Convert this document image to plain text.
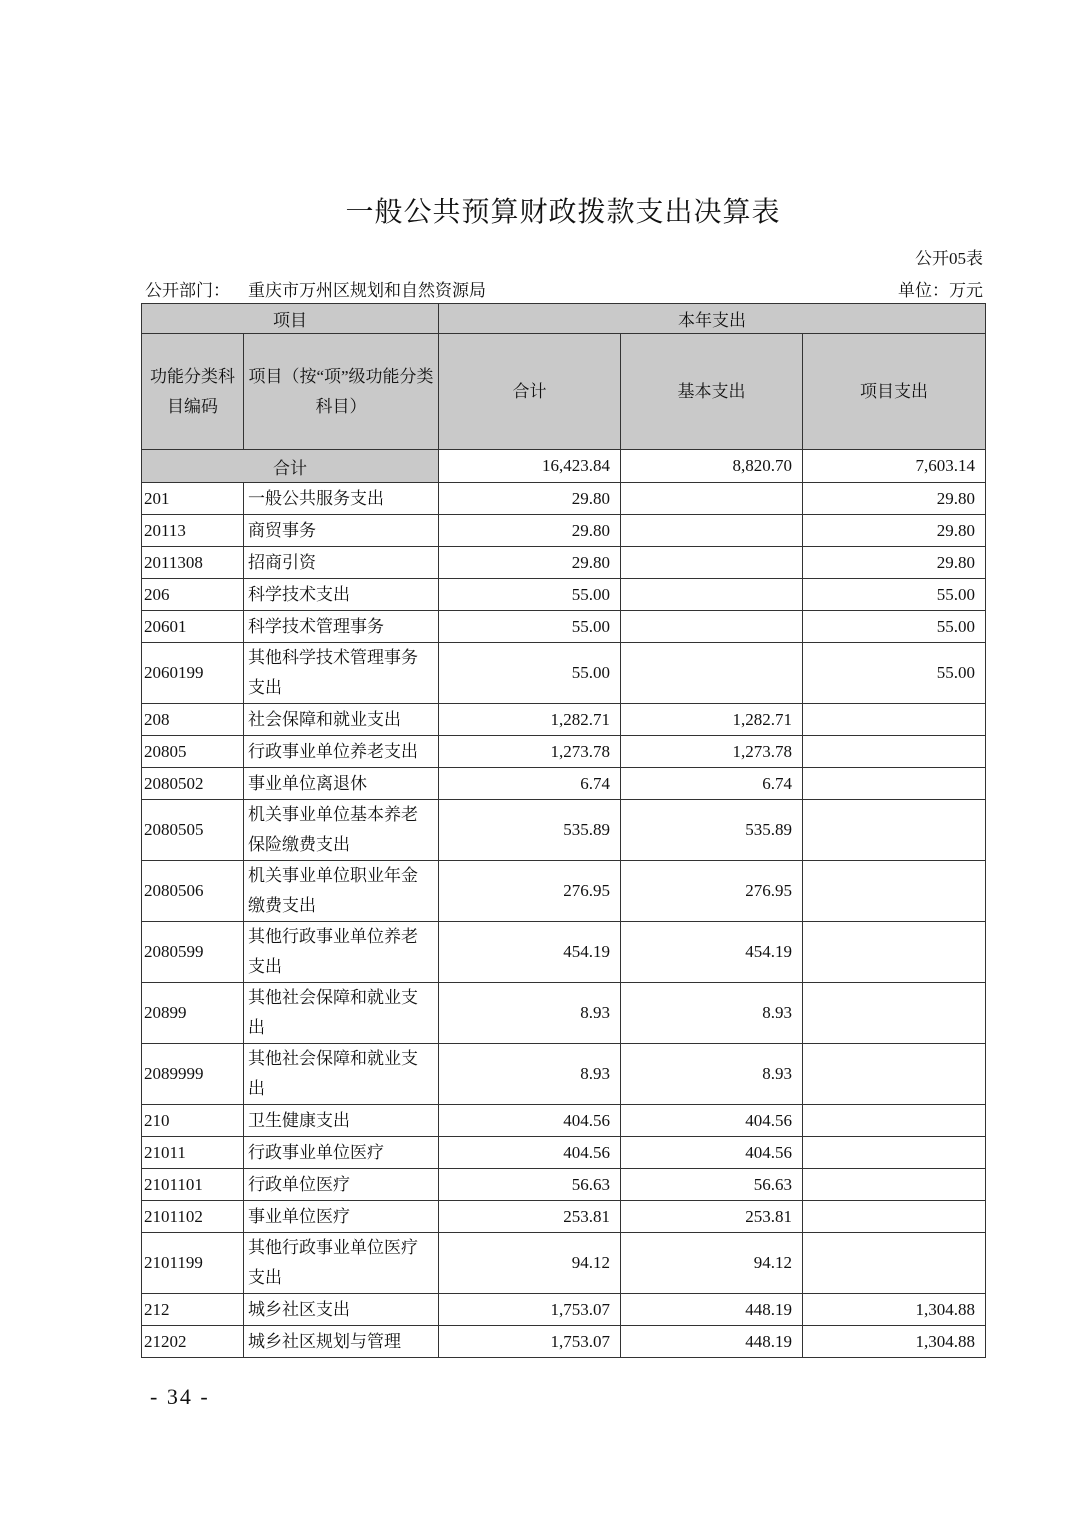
一般公共预算财政拨款支出决算表
公开05表
公开部门： 重庆市万州区规划和自然资源局	单位：万元
项目		本年支出		
功能分类科目编码	项目（按“项”级功能分类科目）	合计	基本支出	项目支出
合计		16,423.84	8,820.70	7,603.14
201	一般公共服务支出	29.80		29.80
20113	商贸事务	29.80		29.80
2011308	招商引资	29.80		29.80
206	科学技术支出	55.00		55.00
20601	科学技术管理事务	55.00		55.00
2060199	其他科学技术管理事务支出	55.00		55.00
208	社会保障和就业支出	1,282.71	1,282.71	
20805	行政事业单位养老支出	1,273.78	1,273.78	
2080502	事业单位离退休	6.74	6.74	
2080505	机关事业单位基本养老保险缴费支出	535.89	535.89	
2080506	机关事业单位职业年金缴费支出	276.95	276.95	
2080599	其他行政事业单位养老支出	454.19	454.19	
20899	其他社会保障和就业支出	8.93	8.93	
2089999	其他社会保障和就业支出	8.93	8.93	
210	卫生健康支出	404.56	404.56	
21011	行政事业单位医疗	404.56	404.56	
2101101	行政单位医疗	56.63	56.63	
2101102	事业单位医疗	253.81	253.81	
2101199	其他行政事业单位医疗支出	94.12	94.12	
212	城乡社区支出	1,753.07	448.19	1,304.88
21202	城乡社区规划与管理	1,753.07	448.19	1,304.88
- 34 -
